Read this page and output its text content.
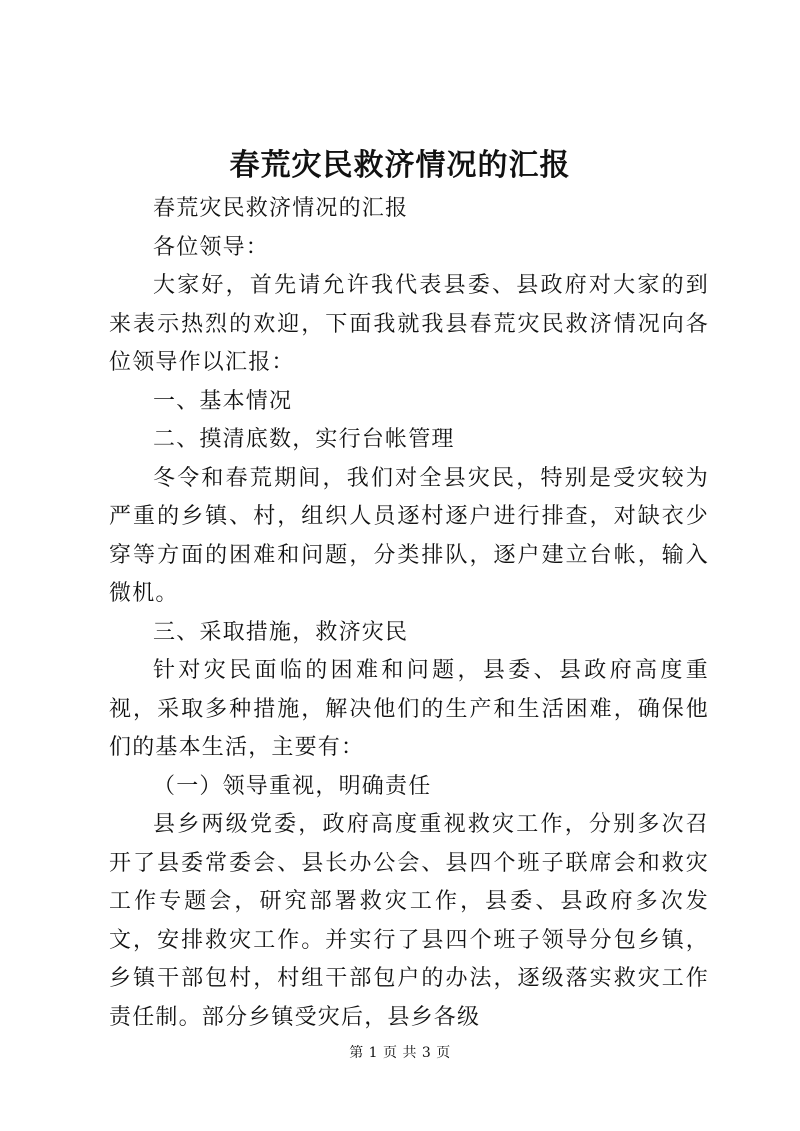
春荒灾民救济情况的汇报

春荒灾民救济情况的汇报

各位领导：

大家好，首先请允许我代表县委、县政府对大家的到来表示热烈的欢迎，下面我就我县春荒灾民救济情况向各位领导作以汇报：

一、基本情况

二、摸清底数，实行台帐管理

冬令和春荒期间，我们对全县灾民，特别是受灾较为严重的乡镇、村，组织人员逐村逐户进行排查，对缺衣少穿等方面的困难和问题，分类排队，逐户建立台帐，输入微机。

三、采取措施，救济灾民

针对灾民面临的困难和问题，县委、县政府高度重视，采取多种措施，解决他们的生产和生活困难，确保他们的基本生活，主要有：

（一）领导重视，明确责任

县乡两级党委，政府高度重视救灾工作，分别多次召开了县委常委会、县长办公会、县四个班子联席会和救灾工作专题会，研究部署救灾工作，县委、县政府多次发文，安排救灾工作。并实行了县四个班子领导分包乡镇，乡镇干部包村，村组干部包户的办法，逐级落实救灾工作责任制。部分乡镇受灾后，县乡各级

第 1 页 共 3 页
